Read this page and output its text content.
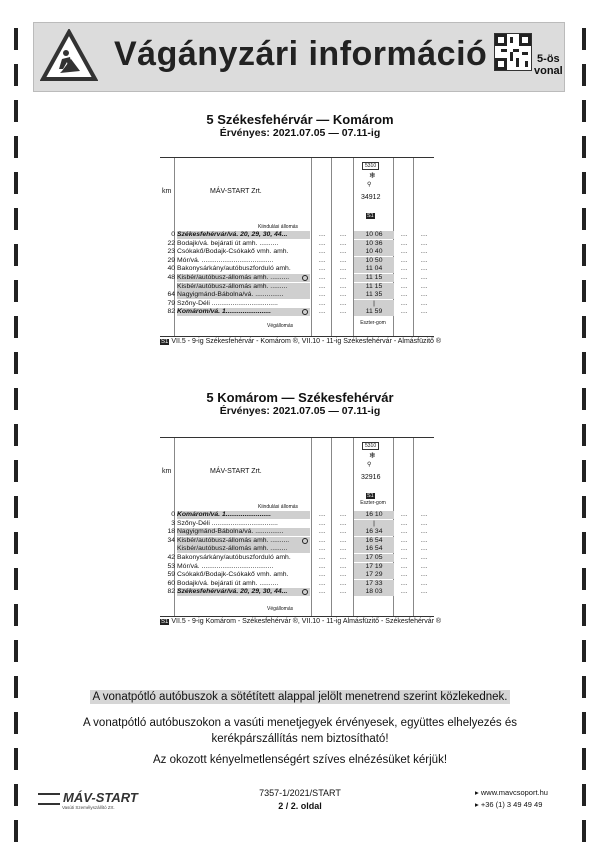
Vágányzári információ	5-ös
vonal
5 Székesfehérvár — Komárom
Érvényes: 2021.07.05 — 07.11-ig
km	MÁV-START Zrt.
5310
❄
⚲
34912
S1
Kiindulási állomás
0 Székesfehérvár/vá. 20, 29, 30, 44...	…	…	10 06	…	…
22 Bodajk/vá. bejárati út amh. ..........	…	…	10 36	…	…
23 Csókakő/Bodajk-Csókakő vmh. amh.	…	…	10 40	…	…
29 Mór/vá. ......................................	…	…	10 50	…	…
40 Bakonysárkány/autóbuszforduló amh.	…	…	11 04	…	…
48 Kisbér/autóbusz-állomás amh. ..........	…	…	11 15	…	…
Kisbér/autóbusz-állomás amh. .........	…	…	11 15	…	…
64 Nagyigmánd-Bábolna/vá. ...............	…	…	11 35	…	…
79 Szőny-Déli ...................................	…	…	|	…	…
82 Komárom/vá. 1........................	…	…	11 59	…	…
Végállomás	Eszter-gom
S1 VII.5 - 9-ig Székesfehérvár - Komárom ®, VII.10 - 11-ig Székesfehérvár - Almásfüzitő ®
5 Komárom — Székesfehérvár
Érvényes: 2021.07.05 — 07.11-ig
km	MÁV-START Zrt.
5310
❄
⚲
32916
S1
Kiindulási állomás
Eszter-gom
0 Komárom/vá. 1........................	…	…	16 10	…	…
3 Szőny-Déli ...................................	…	…	|	…	…
18 Nagyigmánd-Bábolna/vá. ...............	…	…	16 34	…	…
34 Kisbér/autóbusz-állomás amh. ..........	…	…	16 54	…	…
Kisbér/autóbusz-állomás amh. .........	…	…	16 54	…	…
42 Bakonysárkány/autóbuszforduló amh.	…	…	17 05	…	…
53 Mór/vá. ......................................	…	…	17 19	…	…
59 Csókakő/Bodajk-Csókakő vmh. amh.	…	…	17 29	…	…
60 Bodajk/vá. bejárati út amh. ..........	…	…	17 33	…	…
82 Székesfehérvár/vá. 20, 29, 30, 44...	…	…	18 03	…	…
Végállomás
S1 VII.5 - 9-ig Komárom - Székesfehérvár ®, VII.10 - 11-ig Almásfüzitő - Székesfehérvár ®
A vonatpótló autóbuszok a sötétített alappal jelölt menetrend szerint közlekednek.
A vonatpótló autóbuszokon a vasúti menetjegyek érvényesek, együttes elhelyezés és kerékpárszállítás nem biztosítható!
Az okozott kényelmetlenségért szíves elnézésüket kérjük!
MÁV-START
Vasúti Személyszállító Zrt.
7357-1/2021/START
2 / 2. oldal
▸ www.mavcsoport.hu
▸ +36 (1) 3 49 49 49
